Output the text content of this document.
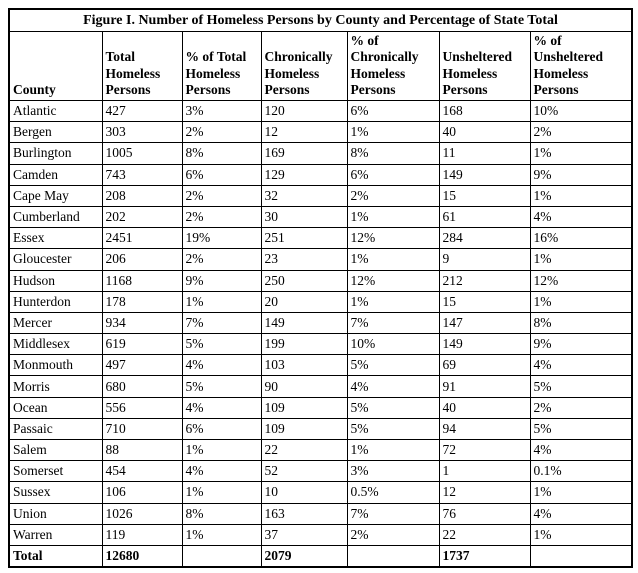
Figure I. Number of Homeless Persons by County and Percentage of State Total						
County	Total Homeless Persons	% of Total Homeless Persons	Chronically Homeless Persons	% of Chronically Homeless Persons	Unsheltered Homeless Persons	% of Unsheltered Homeless Persons
Atlantic	427	3%	120	6%	168	10%
Bergen	303	2%	12	1%	40	2%
Burlington	1005	8%	169	8%	11	1%
Camden	743	6%	129	6%	149	9%
Cape May	208	2%	32	2%	15	1%
Cumberland	202	2%	30	1%	61	4%
Essex	2451	19%	251	12%	284	16%
Gloucester	206	2%	23	1%	9	1%
Hudson	1168	9%	250	12%	212	12%
Hunterdon	178	1%	20	1%	15	1%
Mercer	934	7%	149	7%	147	8%
Middlesex	619	5%	199	10%	149	9%
Monmouth	497	4%	103	5%	69	4%
Morris	680	5%	90	4%	91	5%
Ocean	556	4%	109	5%	40	2%
Passaic	710	6%	109	5%	94	5%
Salem	88	1%	22	1%	72	4%
Somerset	454	4%	52	3%	1	0.1%
Sussex	106	1%	10	0.5%	12	1%
Union	1026	8%	163	7%	76	4%
Warren	119	1%	37	2%	22	1%
Total	12680		2079		1737	
